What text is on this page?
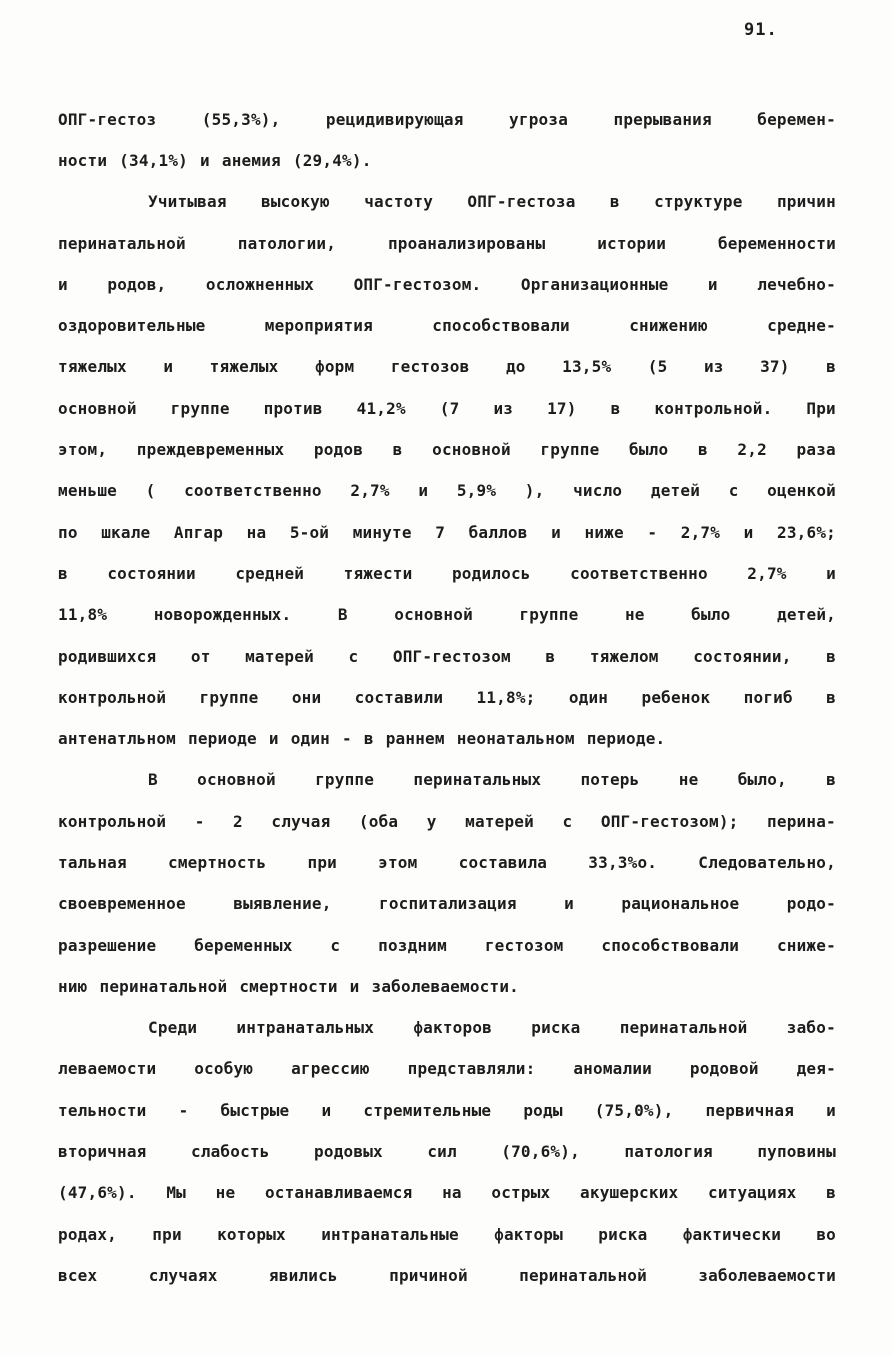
91.
ОПГ-гестоз	(55,3%),	рецидивирующая	угроза	прерывания	беремен-
ности (34,1%) и анемия (29,4%).
Учитывая высокую частоту ОПГ-гестоза в структуре причин
перинатальной	патологии,	проанализированы	истории	беременности
и родов, осложненных ОПГ-гестозом. Организационные и лечебно-
оздоровительные	мероприятия	способствовали	снижению	средне-
тяжелых и тяжелых форм гестозов до 13,5% (5 из 37) в
основной группе против 41,2% (7 из 17) в контрольной. При
этом, преждевременных родов в основной группе было в 2,2 раза
меньше ( соответственно 2,7% и 5,9% ), число детей с оценкой
по шкале Апгар на 5-ой минуте 7 баллов и ниже - 2,7% и 23,6%;
в состоянии средней тяжести родилось соответственно 2,7% и
11,8%	новорожденных.	В	основной	группе	не	было	детей,
родившихся от матерей с ОПГ-гестозом в тяжелом состоянии, в
контрольной группе они составили 11,8%; один ребенок погиб в
антенатльном периоде и один - в раннем неонатальном периоде.
В основной группе перинатальных потерь не было, в
контрольной - 2 случая (оба у матерей с ОПГ-гестозом); перина-
тальная	смертность	при	этом	составила	33,3%о.	Следовательно,
своевременное	выявление,	госпитализация	и	рациональное	родо-
разрешение беременных с поздним гестозом способствовали сниже-
нию перинатальной смертности и заболеваемости.
Среди интранатальных факторов риска перинатальной забо-
леваемости особую агрессию представляли: аномалии родовой дея-
тельности - быстрые и стремительные роды (75,0%), первичная и
вторичная	слабость	родовых	сил	(70,6%),	патология	пуповины
(47,6%). Мы не останавливаемся на острых акушерских ситуациях в
родах, при которых интранатальные факторы риска фактически во
всех	случаях	явились	причиной	перинатальной	заболеваемости
